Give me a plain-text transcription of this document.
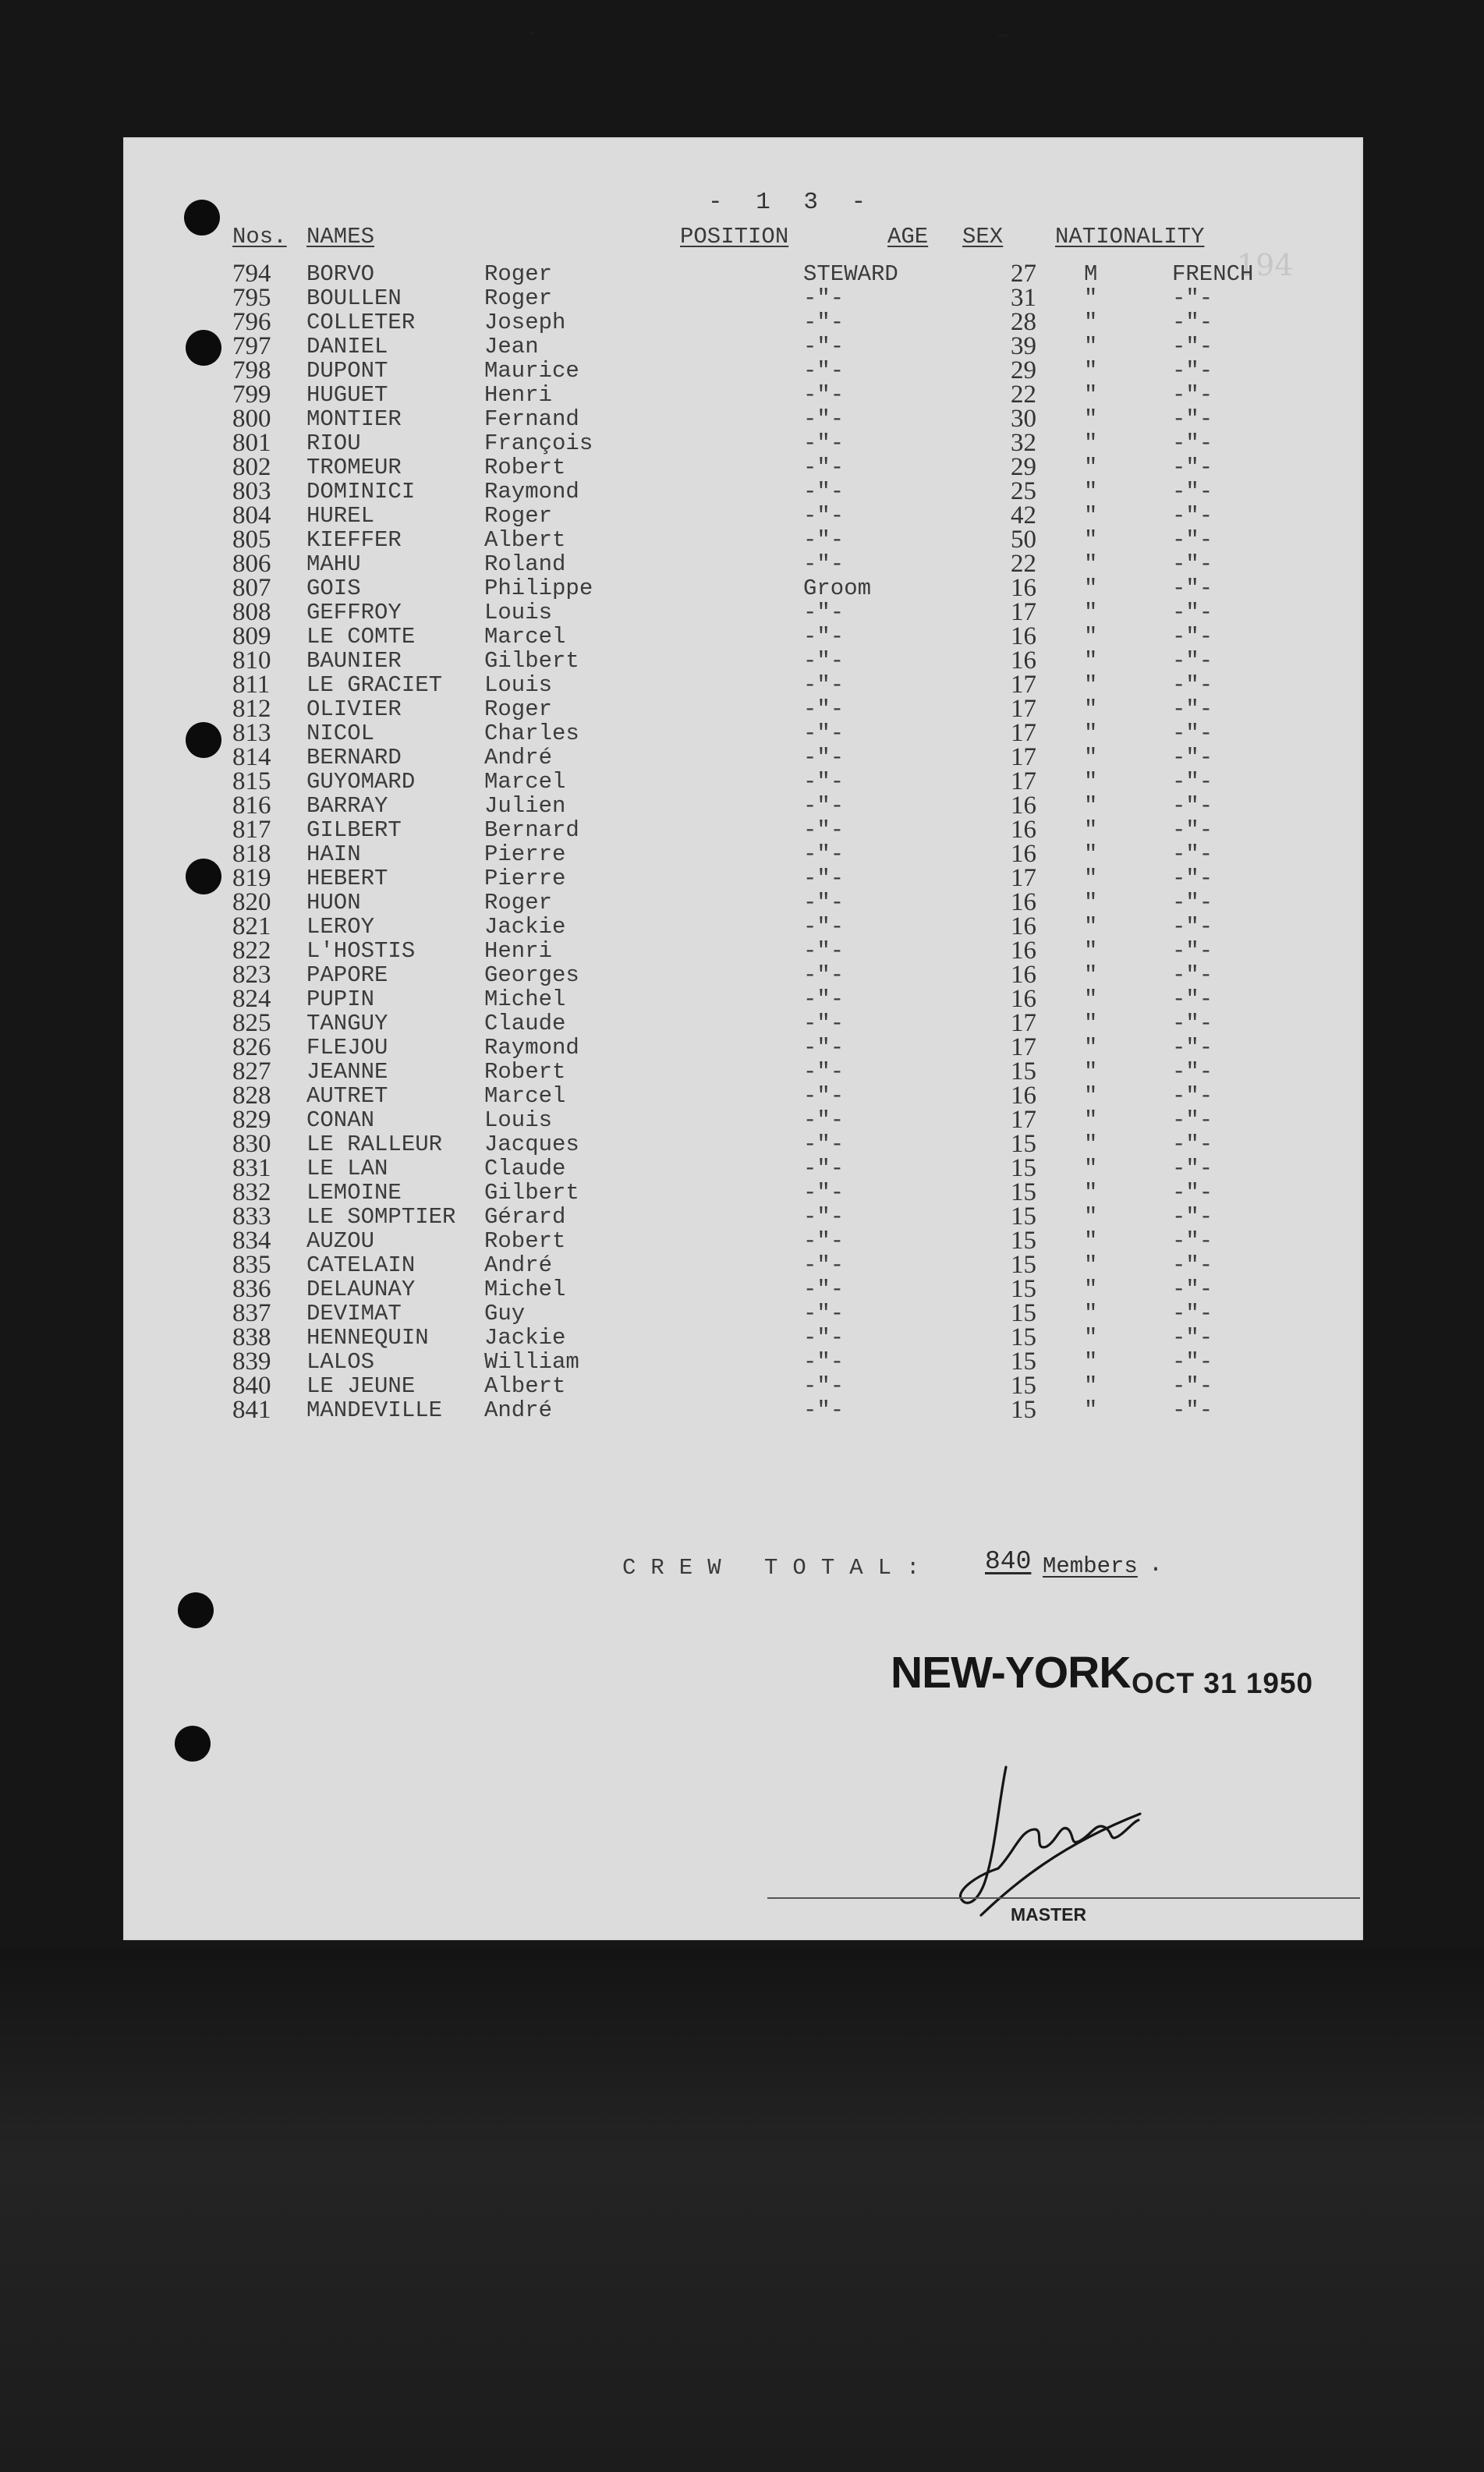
- 1 3 -
194
Nos. NAMES	POSITION	AGE SEX NATIONALITY
794 BORVO	Roger	STEWARD	27 M	FRENCH
795 BOULLEN	Roger	-"-	31 "	-"-
796 COLLETER	Joseph	-"-	28 "	-"-
797 DANIEL	Jean	-"-	39 "	-"-
798 DUPONT	Maurice	-"-	29 "	-"-
799 HUGUET	Henri	-"-	22 "	-"-
800 MONTIER	Fernand	-"-	30 "	-"-
801 RIOU	François	-"-	32 "	-"-
802 TROMEUR	Robert	-"-	29 "	-"-
803 DOMINICI	Raymond	-"-	25 "	-"-
804 HUREL	Roger	-"-	42 "	-"-
805 KIEFFER	Albert	-"-	50 "	-"-
806 MAHU	Roland	-"-	22 "	-"-
807 GOIS	Philippe	Groom	16 "	-"-
808 GEFFROY	Louis	-"-	17 "	-"-
809 LE COMTE	Marcel	-"-	16 "	-"-
810 BAUNIER	Gilbert	-"-	16 "	-"-
811 LE GRACIET Louis	-"-	17 "	-"-
812 OLIVIER	Roger	-"-	17 "	-"-
813 NICOL	Charles	-"-	17 "	-"-
814 BERNARD	André	-"-	17 "	-"-
815 GUYOMARD	Marcel	-"-	17 "	-"-
816 BARRAY	Julien	-"-	16 "	-"-
817 GILBERT	Bernard	-"-	16 "	-"-
818 HAIN	Pierre	-"-	16 "	-"-
819 HEBERT	Pierre	-"-	17 "	-"-
820 HUON	Roger	-"-	16 "	-"-
821 LEROY	Jackie	-"-	16 "	-"-
822 L'HOSTIS	Henri	-"-	16 "	-"-
823 PAPORE	Georges	-"-	16 "	-"-
824 PUPIN	Michel	-"-	16 "	-"-
825 TANGUY	Claude	-"-	17 "	-"-
826 FLEJOU	Raymond	-"-	17 "	-"-
827 JEANNE	Robert	-"-	15 "	-"-
828 AUTRET	Marcel	-"-	16 "	-"-
829 CONAN	Louis	-"-	17 "	-"-
830 LE RALLEUR Jacques	-"-	15 "	-"-
831 LE LAN	Claude	-"-	15 "	-"-
832 LEMOINE	Gilbert	-"-	15 "	-"-
833 LE SOMPTIER Gérard	-"-	15 "	-"-
834 AUZOU	Robert	-"-	15 "	-"-
835 CATELAIN	André	-"-	15 "	-"-
836 DELAUNAY	Michel	-"-	15 "	-"-
837 DEVIMAT	Guy	-"-	15 "	-"-
838 HENNEQUIN Jackie	-"-	15 "	-"-
839 LALOS	William	-"-	15 "	-"-
840 LE JEUNE	Albert	-"-	15 "	-"-
841 MANDEVILLE André	-"-	15 "	-"-
CREW TOTAL: 840 Members .
NEW-YORK OCT 31 1950
MASTER
